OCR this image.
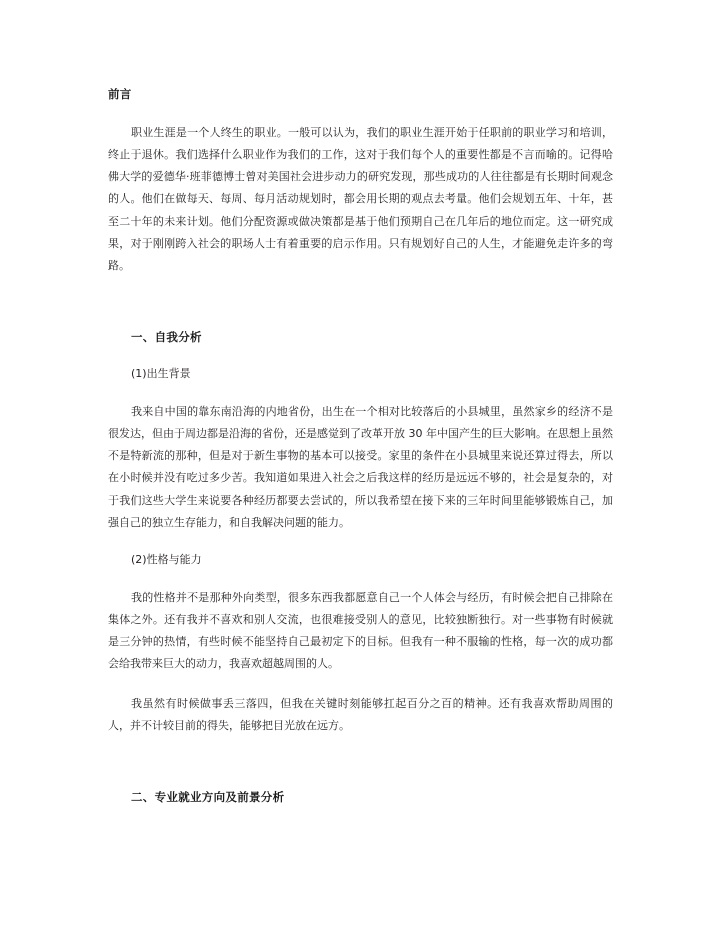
前言

职业生涯是一个人终生的职业。一般可以认为，我们的职业生涯开始于任职前的职业学习和培训，终止于退休。我们选择什么职业作为我们的工作，这对于我们每个人的重要性都是不言而喻的。记得哈佛大学的爱德华·班菲德博士曾对美国社会进步动力的研究发现，那些成功的人往往都是有长期时间观念的人。他们在做每天、每周、每月活动规划时，都会用长期的观点去考量。他们会规划五年、十年，甚至二十年的未来计划。他们分配资源或做决策都是基于他们预期自己在几年后的地位而定。这一研究成果，对于刚刚跨入社会的职场人士有着重要的启示作用。只有规划好自己的人生，才能避免走许多的弯路。

一、自我分析

(1)出生背景

我来自中国的靠东南沿海的内地省份，出生在一个相对比较落后的小县城里，虽然家乡的经济不是很发达，但由于周边都是沿海的省份，还是感觉到了改革开放 30 年中国产生的巨大影响。在思想上虽然不是特新流的那种，但是对于新生事物的基本可以接受。家里的条件在小县城里来说还算过得去，所以在小时候并没有吃过多少苦。我知道如果进入社会之后我这样的经历是远远不够的，社会是复杂的，对于我们这些大学生来说要各种经历都要去尝试的，所以我希望在接下来的三年时间里能够锻炼自己，加强自己的独立生存能力，和自我解决问题的能力。

(2)性格与能力

我的性格并不是那种外向类型，很多东西我都愿意自己一个人体会与经历，有时候会把自己排除在集体之外。还有我并不喜欢和别人交流，也很难接受别人的意见，比较独断独行。对一些事物有时候就是三分钟的热情，有些时候不能坚持自己最初定下的目标。但我有一种不服输的性格，每一次的成功都会给我带来巨大的动力，我喜欢超越周围的人。

我虽然有时候做事丢三落四，但我在关键时刻能够扛起百分之百的精神。还有我喜欢帮助周围的人，并不计较目前的得失，能够把目光放在远方。

二、专业就业方向及前景分析
